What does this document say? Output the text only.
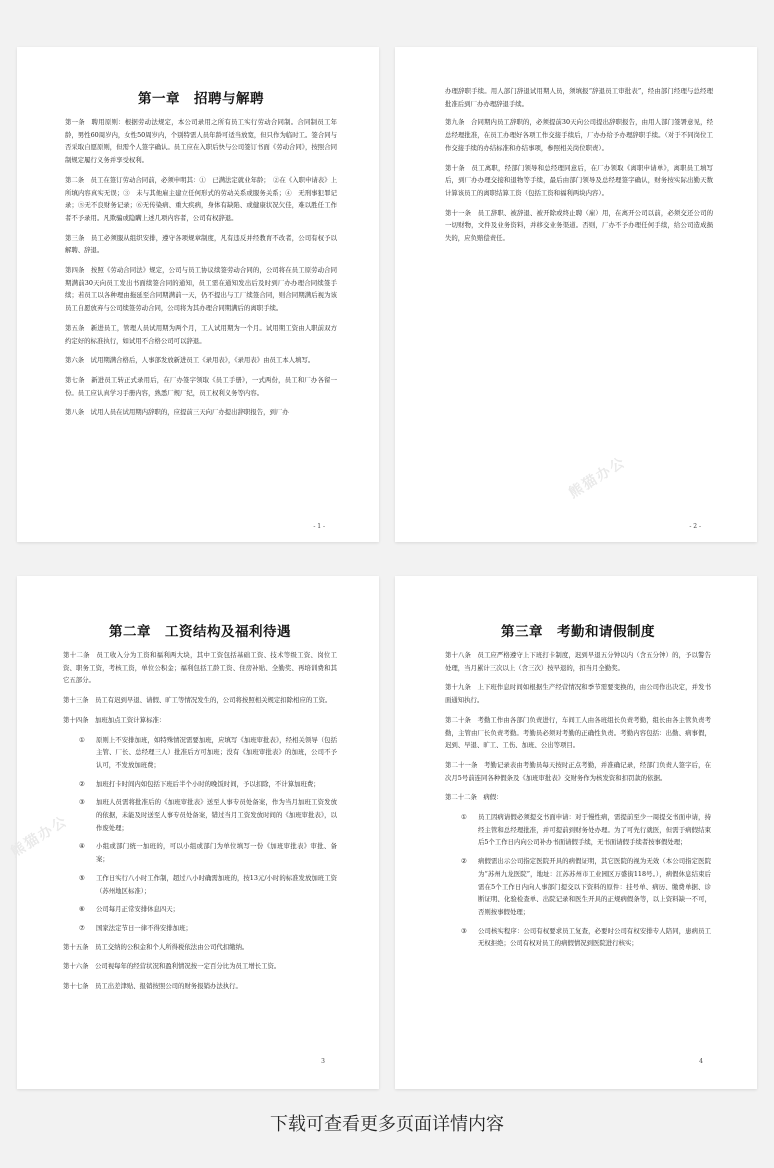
第一章　招聘与解聘
第一条　聘用原则：根据劳动法规定，本公司录用之所有员工实行劳动合同制。合同制员工年龄，男性60周岁内，女性50周岁内，个别特需人员年龄可适当放宽，但只作为临时工。签合同与否采取自愿原则，但需个人签字确认。员工应在入职后快与公司签订书面《劳动合同》，按照合同制规定履行义务并享受权利。
第二条　员工在签订劳动合同前，必须申明其：①　已满法定就业年龄；　②在《入职申请表》上所填内容真实无误；③　未与其他雇主建立任何形式的劳动关系或服务关系；④　无刑事犯罪记录；⑤无不良财务记录；⑥无传染病、重大疾病，身体有缺陷、或健康状况欠佳，难以胜任工作者不予录用。凡欺骗或隐瞒上述几项内容者，公司有权辞退。
第三条　员工必须服从组织安排，遵守各项规章制度，凡有违反并经教育不改者，公司有权予以解聘、辞退。
第四条　按照《劳动合同法》规定，公司与员工协议续签劳动合同的，公司将在员工原劳动合同期满前30天向员工发出书面续签合同的通知，员工需在通知发出后及时到厂办办理合同续签手续；若员工以各种理由拖延至合同期满前一天，仍不提出与工厂续签合同，则合同期满后视为该员工自愿放弃与公司续签劳动合同，公司将为其办理合同期满后的离职手续。
第五条　新进员工，管理人员试用期为两个月，工人试用期为一个月。试用期工资由人职前双方约定好的标准执行，如试用不合格公司可以辞退。
第六条　试用期满合格后，人事部发放新进员工《录用表》，《录用表》由员工本人填写。
第七条　新进员工转正式录用后，在厂办签字领取《员工手册》，一式两份，员工和厂办各留一份。员工应认真学习手册内容，熟悉厂规厂纪，员工权利义务等内容。
第八条　试用人员在试用期内辞职的，应提前三天向厂办提出辞职报告，到厂办
- 1 -
办理辞职手续。用人部门辞退试用期人员，须填报“辞退员工审批表”，经由部门经理与总经理批准后到厂办办理辞退手续。
第九条　合同期内员工辞职的，必须提前30天向公司提出辞职报告，由用人部门签署意见，经总经理批准，在员工办理好各项工作交接手续后，厂办办给予办理辞职手续。（对于不同岗位工作交接手续的办结标准和办结事项，参照相关岗位职责）。
第十条　员工离职，经部门领导和总经理同意后，在厂办领取《离职申请单》，离职员工填写后，到厂办办理交接和退物等手续，最后由部门领导及总经理签字确认，财务按实际出勤天数计算该员工的离职结算工资（包括工资和福利两块内容）。
第十一条　员工辞职、被辞退、被开除或终止聘（雇）用，在离开公司以前，必须交还公司的一切财物，文件及业务资料，并移交业务渠道。否则，厂办不予办理任何手续，给公司造成损失的，应负赔偿责任。
熊猫办公
- 2 -
第二章　工资结构及福利待遇
第十二条　员工收入分为工资和福利两大块，其中工资包括基础工资、技术等级工资、岗位工资、职务工资，考核工资，单位公积金；福利包括工龄工资、住房补贴、全勤奖、再培训费和其它五部分。
第十三条　员工有迟到早退、请假、旷工等情况发生的，公司将按照相关规定扣除相应的工资。
第十四条　加班加点工资计算标准：
① 原则上不安排加班，如特殊情况需要加班，应填写《加班审批表》，经相关领导（包括主管、厂长、总经理三人）批准后方可加班；没有《加班审批表》的加班，公司不予认可，不发放加班费；
② 加班打卡时间内如包括下班后半个小时的晚饭时间，予以扣除，不计算加班费；
③ 加班人员需将批准后的《加班审批表》送至人事专员处备案，作为当月加班工资发放的依据，未能及时送至人事专员处备案，错过当月工资发放时间的《加班审批表》，以作废处理；
④ 小组或部门统一加班的，可以小组或部门为单位填写一份《加班审批表》审批、备案；
⑤ 工作日实行八小时工作制，超过八小时确需加班的，按13元/小时的标准发放加班工资（苏州地区标准）；
⑥ 公司每月正常安排休息四天；
⑦ 国家法定节日一律不得安排加班；
第十五条　员工交纳的公积金和个人所得税依法由公司代扣缴纳。
第十六条　公司视每年的经营状况和盈利情况按一定百分比为员工增长工资。
第十七条　员工出差津贴、报销按照公司的财务报销办法执行。
熊猫办公
3
第三章　考勤和请假制度
第十八条　员工应严格遵守上下班打卡制度，迟到早退五分钟以内（含五分钟）的，予以警告处理，当月累计三次以上（含三次）按早退的，扣当月全勤奖。
第十九条　上下班作息时间如根据生产经营情况和季节需要变换的，由公司作出决定，并发书面通知执行。
第二十条　考勤工作由各部门负责进行，车间工人由各班组长负责考勤，组长由各主管负责考勤，主管由厂长负责考勤。考勤员必须对考勤的正确性负责。考勤内容包括：出勤、病事假，迟到、早退、旷工、工伤、加班、公出等项目。
第二十一条　考勤记录表由考勤员每天按时正点考勤，并准确记录，经部门负责人签字后，在次月5号前连同各种假条及《加班审批表》交财务作为核发资和扣罚款的依据。
第二十二条　病假：
① 员工因病请假必须提交书面申请：对于慢性病，需提前至少一周提交书面申请，持经主管和总经理批准，并可提前到财务处办理。为了可先行就医，但需于病假结束后5个工作日内向公司补办书面请假手续，无书面请假手续者按事假处理；
② 病假需出示公司指定医院开具的病假证明，其它医院的视为无效（本公司指定医院为“苏州九龙医院”，地址：江苏苏州市工业园区万盛街118号。），病假休息结束后需在5个工作日内向人事部门提交以下资料的原件：挂号单、病历、缴费单据、诊断证明、化验检查单、出院记录和医生开具的正规病假条等，以上资料缺一不可，否则按事假处理；
③ 公司核实程序：公司有权要求员工复查，必要时公司有权安排专人陪同，患病员工无权拒绝；公司有权对员工的病假情况到医院进行核实；
4
下载可查看更多页面详情内容
